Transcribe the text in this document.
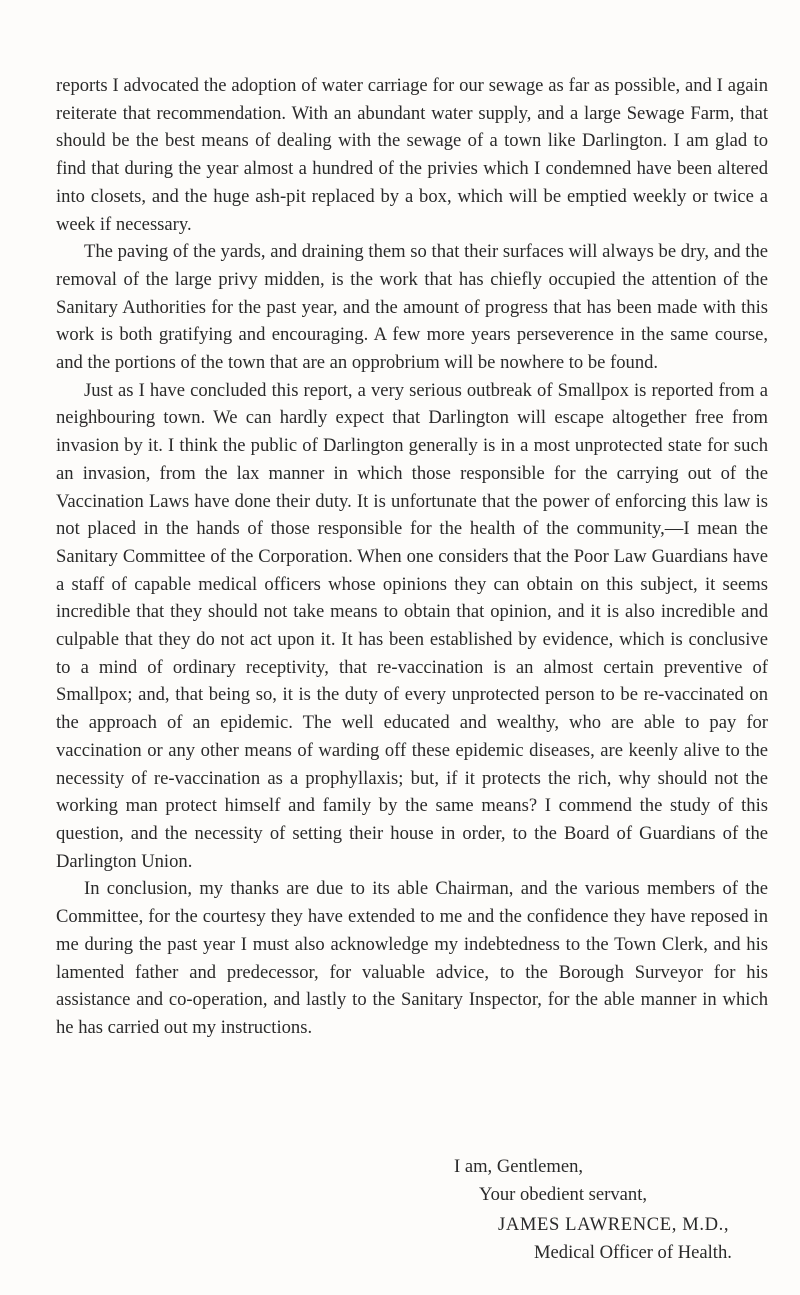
reports I advocated the adoption of water carriage for our sewage as far as possible, and I again reiterate that recommendation. With an abundant water supply, and a large Sewage Farm, that should be the best means of dealing with the sewage of a town like Darlington. I am glad to find that during the year almost a hundred of the privies which I condemned have been altered into closets, and the huge ash-pit replaced by a box, which will be emptied weekly or twice a week if necessary.

The paving of the yards, and draining them so that their surfaces will always be dry, and the removal of the large privy midden, is the work that has chiefly occupied the attention of the Sanitary Authorities for the past year, and the amount of progress that has been made with this work is both gratifying and encouraging. A few more years perseverence in the same course, and the portions of the town that are an opprobrium will be nowhere to be found.

Just as I have concluded this report, a very serious outbreak of Smallpox is reported from a neighbouring town. We can hardly expect that Darlington will escape altogether free from invasion by it. I think the public of Darlington generally is in a most unprotected state for such an invasion, from the lax manner in which those responsible for the carrying out of the Vaccination Laws have done their duty. It is unfortunate that the power of enforcing this law is not placed in the hands of those responsible for the health of the community,—I mean the Sanitary Committee of the Corporation. When one considers that the Poor Law Guardians have a staff of capable medical officers whose opinions they can obtain on this subject, it seems incredible that they should not take means to obtain that opinion, and it is also incredible and culpable that they do not act upon it. It has been established by evidence, which is conclusive to a mind of ordinary receptivity, that re-vaccination is an almost certain preventive of Smallpox; and, that being so, it is the duty of every unprotected person to be re-vaccinated on the approach of an epidemic. The well educated and wealthy, who are able to pay for vaccination or any other means of warding off these epidemic diseases, are keenly alive to the necessity of re-vaccination as a prophyllaxis; but, if it protects the rich, why should not the working man protect himself and family by the same means? I commend the study of this question, and the necessity of setting their house in order, to the Board of Guardians of the Darlington Union.

In conclusion, my thanks are due to its able Chairman, and the various members of the Committee, for the courtesy they have extended to me and the confidence they have reposed in me during the past year I must also acknowledge my indebtedness to the Town Clerk, and his lamented father and predecessor, for valuable advice, to the Borough Surveyor for his assistance and co-operation, and lastly to the Sanitary Inspector, for the able manner in which he has carried out my instructions.

I am, Gentlemen,
Your obedient servant,
JAMES LAWRENCE, M.D.,
Medical Officer of Health.
